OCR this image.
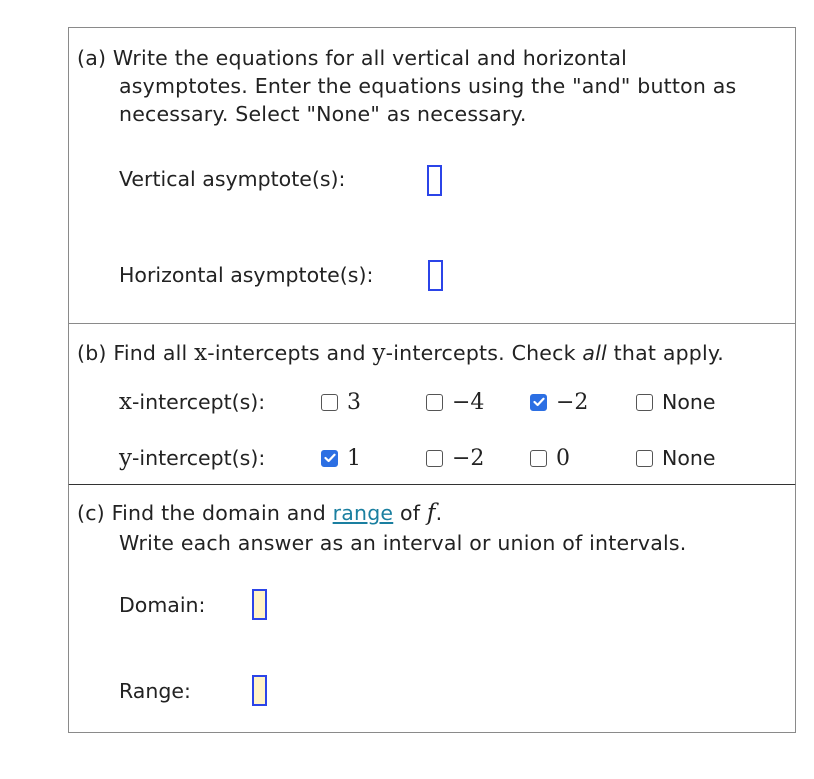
(a) Write the equations for all vertical and horizontal
asymptotes. Enter the equations using the "and" button as
necessary. Select "None" as necessary.
Vertical asymptote(s):
Horizontal asymptote(s):
(b) Find all x-intercepts and y-intercepts. Check all that apply.
x-intercept(s):	3	−4	−2	None
y-intercept(s):	1	−2	0	None
(c) Find the domain and range of f.
Write each answer as an interval or union of intervals.
Domain:
Range:
